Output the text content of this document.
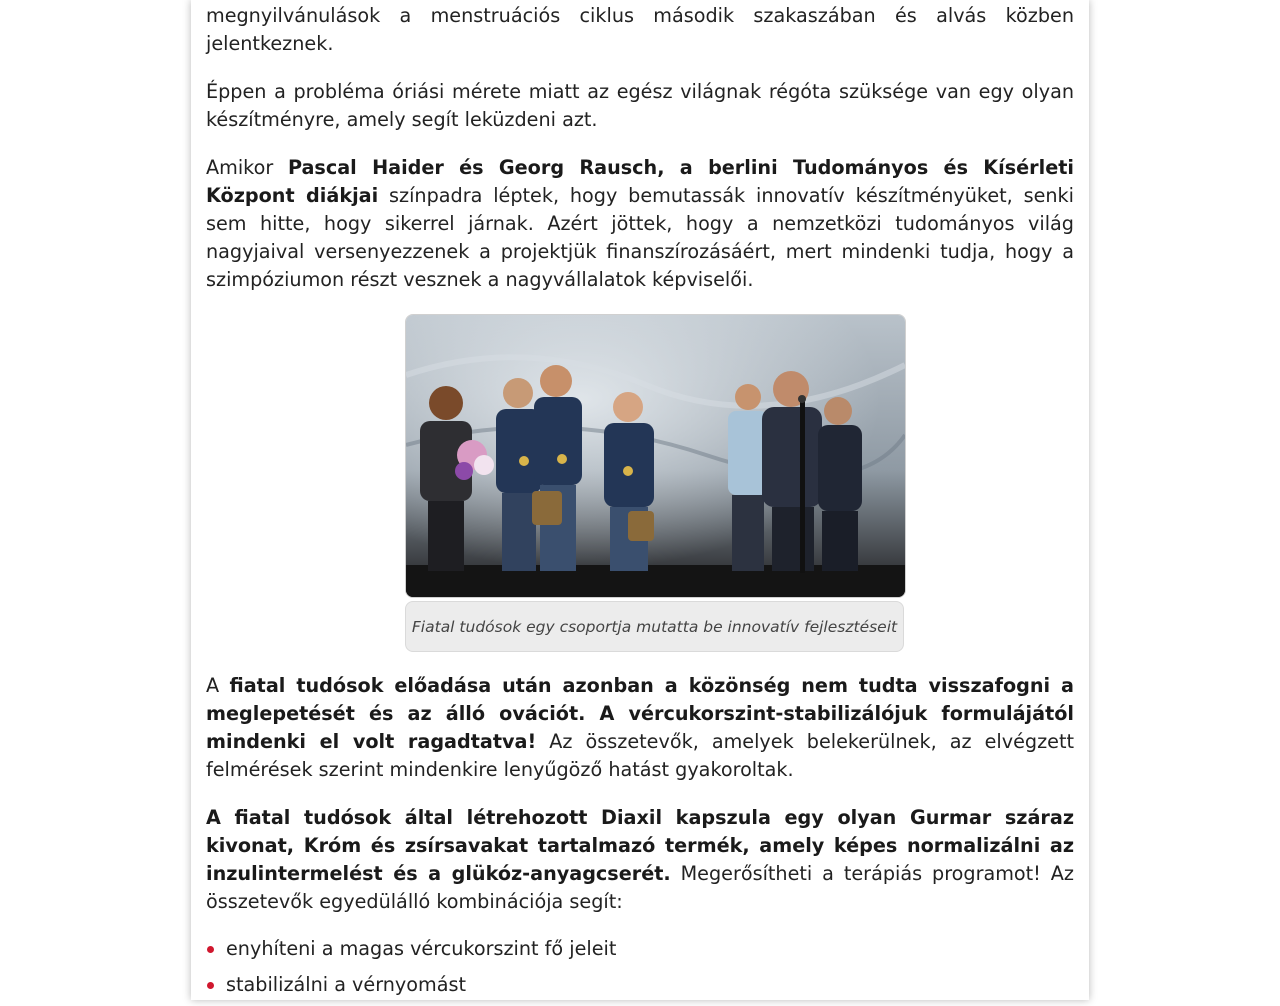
megnyilvánulások a menstruációs ciklus második szakaszában és alvás közben jelentkeznek.

Éppen a probléma óriási mérete miatt az egész világnak régóta szüksége van egy olyan készítményre, amely segít leküzdeni azt.

Amikor Pascal Haider és Georg Rausch, a berlini Tudományos és Kísérleti Központ diákjai színpadra léptek, hogy bemutassák innovatív készítményüket, senki sem hitte, hogy sikerrel járnak. Azért jöttek, hogy a nemzetközi tudományos világ nagyjaival versenyezzenek a projektjük finanszírozásáért, mert mindenki tudja, hogy a szimpóziumon részt vesznek a nagyvállalatok képviselői.

Fiatal tudósok egy csoportja mutatta be innovatív fejlesztéseit

A fiatal tudósok előadása után azonban a közönség nem tudta visszafogni a meglepetését és az álló ovációt. A vércukorszint-stabilizálójuk formulájától mindenki el volt ragadtatva! Az összetevők, amelyek belekerülnek, az elvégzett felmérések szerint mindenkire lenyűgöző hatást gyakoroltak.

A fiatal tudósok által létrehozott Diaxil kapszula egy olyan Gurmar száraz kivonat, Króm és zsírsavakat tartalmazó termék, amely képes normalizálni az inzulintermelést és a glükóz-anyagcserét. Megerősítheti a terápiás programot! Az összetevők egyedülálló kombinációja segít:

enyhíteni a magas vércukorszint fő jeleit
stabilizálni a vérnyomást
